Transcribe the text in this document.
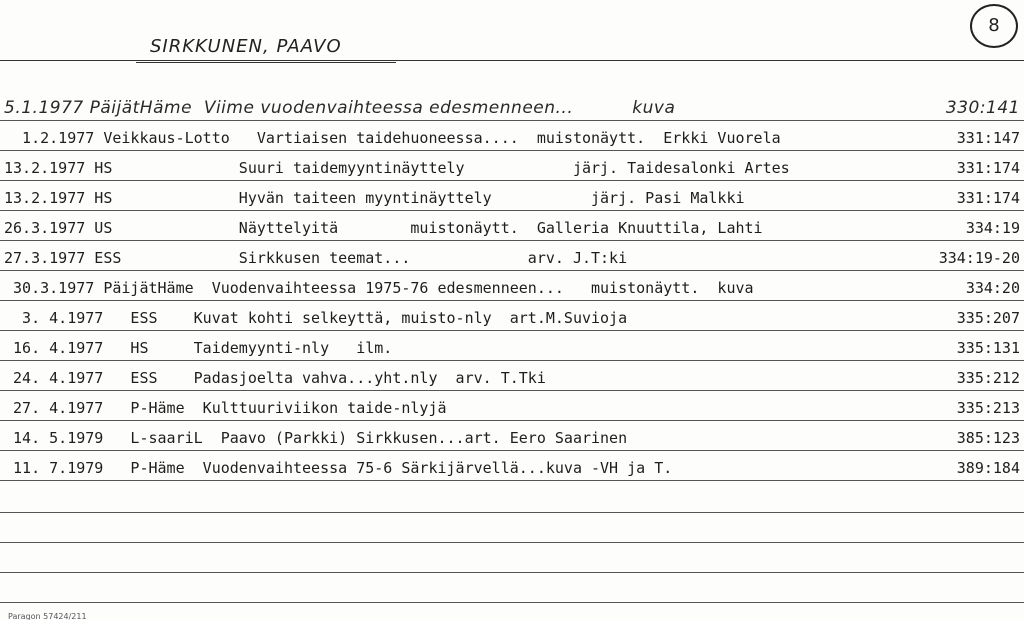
SIRKKUNEN, PAAVO
8
5.1.1977 PäijätHäme  Viime vuodenvaihteessa edesmenneen...          kuva	330:141
1.2.1977 Veikkaus-Lotto   Vartiaisen taidehuoneessa....  muistonäytt.  Erkki Vuorela	331:147
13.2.1977 HS              Suuri taidemyyntinäyttely            järj. Taidesalonki Artes	331:174
13.2.1977 HS              Hyvän taiteen myyntinäyttely           järj. Pasi Malkki	331:174
26.3.1977 US              Näyttelyitä        muistonäytt.  Galleria Knuuttila, Lahti	334:19
27.3.1977 ESS             Sirkkusen teemat...             arv. J.T:ki	334:19-20
30.3.1977 PäijätHäme  Vuodenvaihteessa 1975-76 edesmenneen...   muistonäytt.  kuva	334:20
3. 4.1977   ESS    Kuvat kohti selkeyttä, muisto-nly  art.M.Suvioja	335:207
16. 4.1977   HS     Taidemyynti-nly   ilm.	335:131
24. 4.1977   ESS    Padasjoelta vahva...yht.nly  arv. T.Tki	335:212
27. 4.1977   P-Häme  Kulttuuriviikon taide-nlyjä	335:213
14. 5.1979   L-saariL  Paavo (Parkki) Sirkkusen...art. Eero Saarinen	385:123
11. 7.1979   P-Häme  Vuodenvaihteessa 75-6 Särkijärvellä...kuva -VH ja T.	389:184
Paragon 57424/211
